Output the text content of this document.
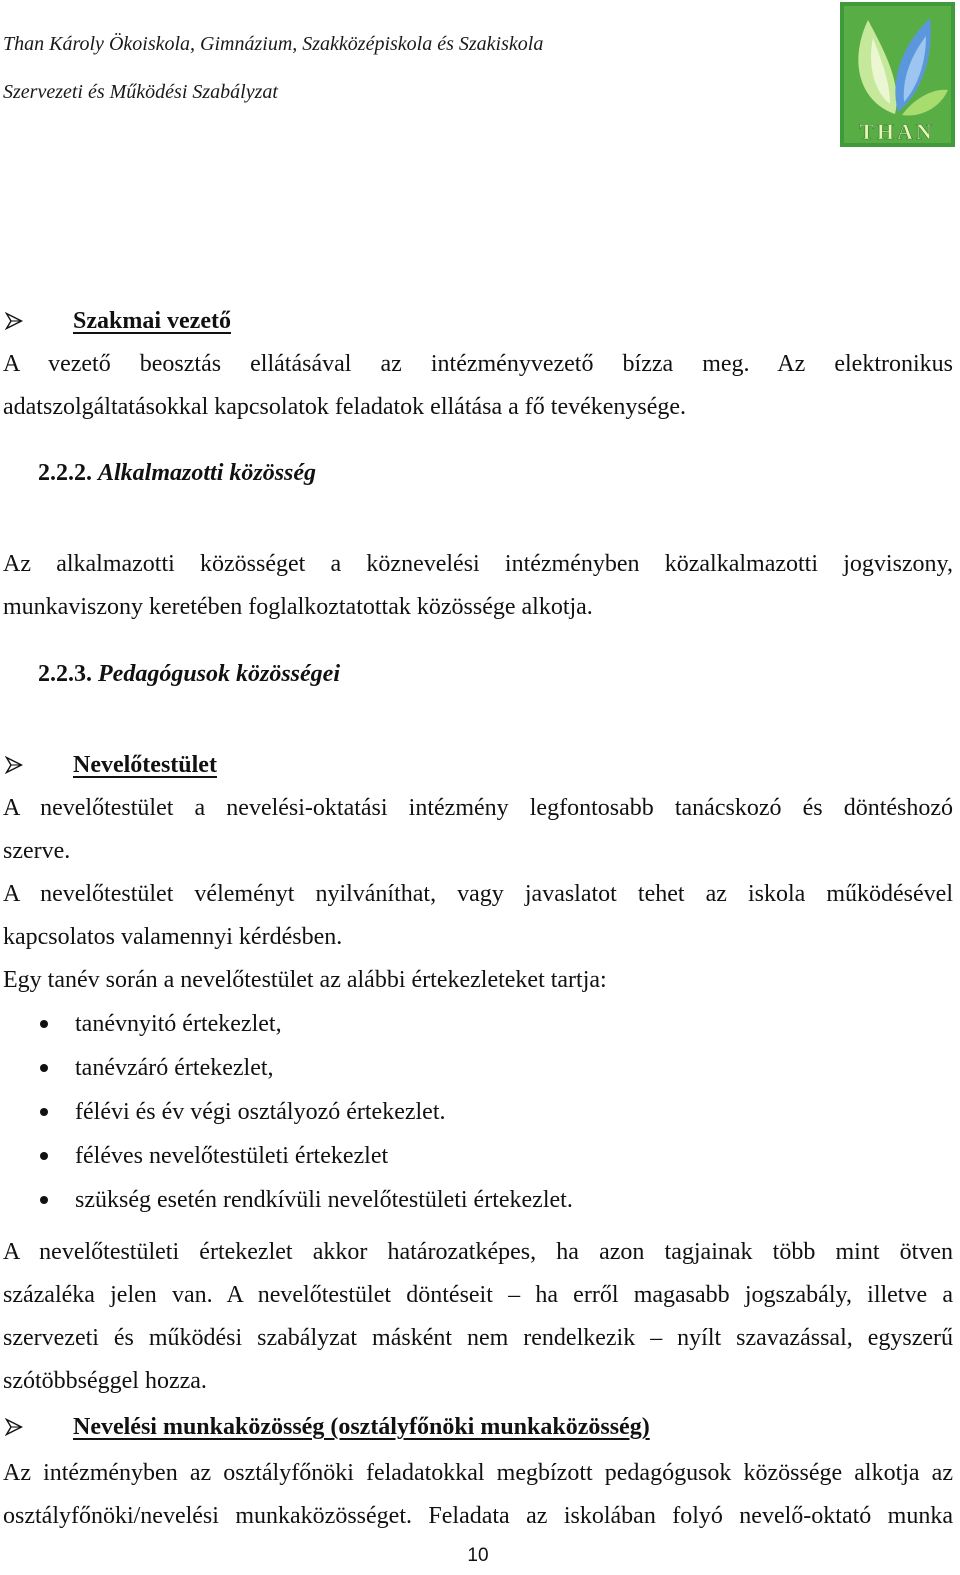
Than Károly Ökoiskola, Gimnázium, Szakközépiskola és Szakiskola
Szervezeti és Működési Szabályzat
THAN
Szakmai vezető
A vezető beosztás ellátásával az intézményvezető bízza meg. Az elektronikus
adatszolgáltatásokkal kapcsolatok feladatok ellátása a fő tevékenysége.
2.2.2. Alkalmazotti közösség
Az alkalmazotti közösséget a köznevelési intézményben közalkalmazotti jogviszony,
munkaviszony keretében foglalkoztatottak közössége alkotja.
2.2.3. Pedagógusok közösségei
Nevelőtestület
A nevelőtestület a nevelési-oktatási intézmény legfontosabb tanácskozó és döntéshozó
szerve.
A nevelőtestület véleményt nyilváníthat, vagy javaslatot tehet az iskola működésével
kapcsolatos valamennyi kérdésben.
Egy tanév során a nevelőtestület az alábbi értekezleteket tartja:
tanévnyitó értekezlet,
tanévzáró értekezlet,
félévi és év végi osztályozó értekezlet.
féléves nevelőtestületi értekezlet
szükség esetén rendkívüli nevelőtestületi értekezlet.
A nevelőtestületi értekezlet akkor határozatképes, ha azon tagjainak több mint ötven
százaléka jelen van. A nevelőtestület döntéseit – ha erről magasabb jogszabály, illetve a
szervezeti és működési szabályzat másként nem rendelkezik – nyílt szavazással, egyszerű
szótöbbséggel hozza.
Nevelési munkaközösség (osztályfőnöki munkaközösség)
Az intézményben az osztályfőnöki feladatokkal megbízott pedagógusok közössége alkotja az
osztályfőnöki/nevelési munkaközösséget. Feladata az iskolában folyó nevelő-oktató munka
10
